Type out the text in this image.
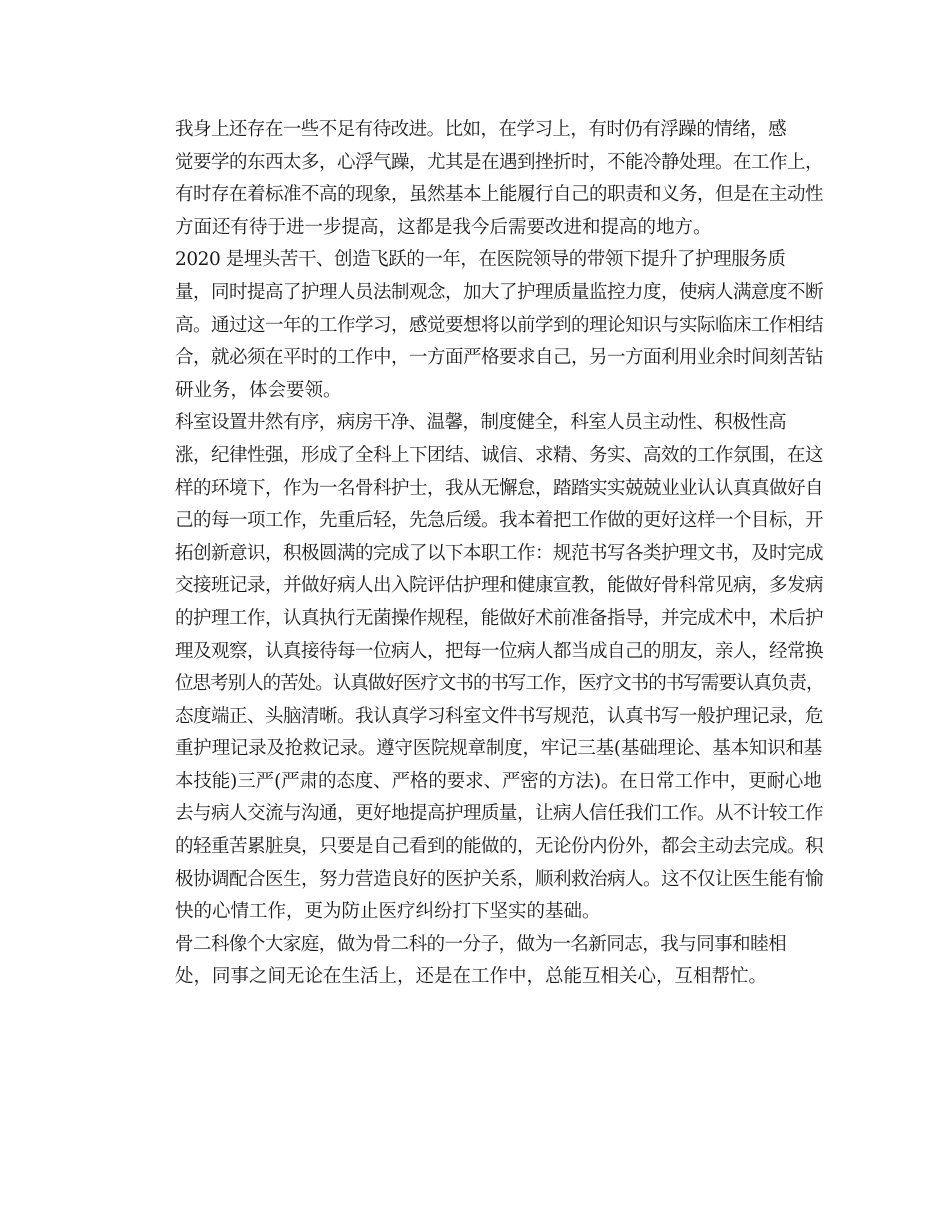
我身上还存在一些不足有待改进。比如，在学习上，有时仍有浮躁的情绪，感
觉要学的东西太多，心浮气躁，尤其是在遇到挫折时，不能冷静处理。在工作上，
有时存在着标准不高的现象，虽然基本上能履行自己的职责和义务，但是在主动性
方面还有待于进一步提高，这都是我今后需要改进和提高的地方。

2020 是埋头苦干、创造飞跃的一年，在医院领导的带领下提升了护理服务质
量，同时提高了护理人员法制观念，加大了护理质量监控力度，使病人满意度不断
高。通过这一年的工作学习，感觉要想将以前学到的理论知识与实际临床工作相结
合，就必须在平时的工作中，一方面严格要求自己，另一方面利用业余时间刻苦钻
研业务，体会要领。

科室设置井然有序，病房干净、温馨，制度健全，科室人员主动性、积极性高
涨，纪律性强，形成了全科上下团结、诚信、求精、务实、高效的工作氛围，在这
样的环境下，作为一名骨科护士，我从无懈怠，踏踏实实兢兢业业认认真真做好自
己的每一项工作，先重后轻，先急后缓。我本着把工作做的更好这样一个目标，开
拓创新意识，积极圆满的完成了以下本职工作：规范书写各类护理文书，及时完成
交接班记录，并做好病人出入院评估护理和健康宣教，能做好骨科常见病，多发病
的护理工作，认真执行无菌操作规程，能做好术前准备指导，并完成术中，术后护
理及观察，认真接待每一位病人，把每一位病人都当成自己的朋友，亲人，经常换
位思考别人的苦处。认真做好医疗文书的书写工作，医疗文书的书写需要认真负责，
态度端正、头脑清晰。我认真学习科室文件书写规范，认真书写一般护理记录，危
重护理记录及抢救记录。遵守医院规章制度，牢记三基(基础理论、基本知识和基
本技能)三严(严肃的态度、严格的要求、严密的方法)。在日常工作中，更耐心地
去与病人交流与沟通，更好地提高护理质量，让病人信任我们工作。从不计较工作
的轻重苦累脏臭，只要是自己看到的能做的，无论份内份外，都会主动去完成。积
极协调配合医生，努力营造良好的医护关系，顺利救治病人。这不仅让医生能有愉
快的心情工作，更为防止医疗纠纷打下坚实的基础。

骨二科像个大家庭，做为骨二科的一分子，做为一名新同志，我与同事和睦相
处，同事之间无论在生活上，还是在工作中，总能互相关心，互相帮忙。
